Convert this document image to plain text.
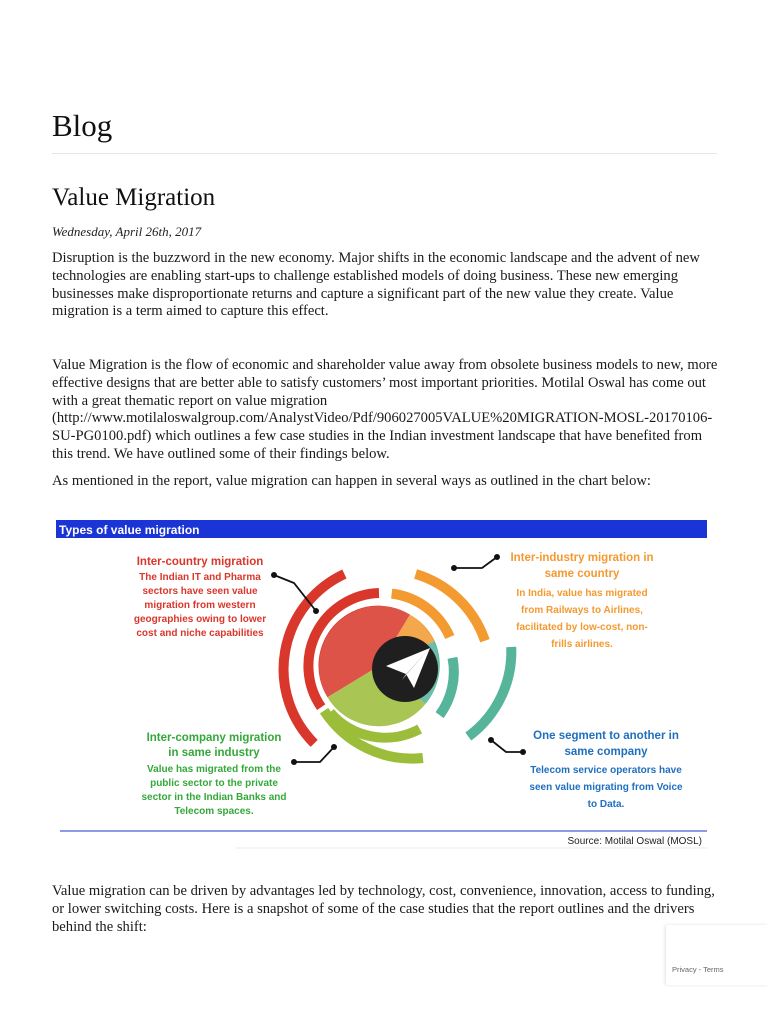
Blog
Value Migration
Wednesday, April 26th, 2017

Disruption is the buzzword in the new economy. Major shifts in the economic landscape and the advent of new technologies are enabling start-ups to challenge established models of doing business. These new emerging businesses make disproportionate returns and capture a significant part of the new value they create. Value migration is a term aimed to capture this effect.

Value Migration is the flow of economic and shareholder value away from obsolete business models to new, more effective designs that are better able to satisfy customers’ most important priorities. Motilal Oswal has come out with a great thematic report on value migration (http://www.motilaloswalgroup.com/AnalystVideo/Pdf/906027005VALUE%20MIGRATION-MOSL-20170106-SU-PG0100.pdf) which outlines a few case studies in the Indian investment landscape that have benefited from this trend. We have outlined some of their findings below.

As mentioned in the report, value migration can happen in several ways as outlined in the chart below:

Types of value migration
Inter-country migration
The Indian IT and Pharma
sectors have seen value
migration from western
geographies owing to lower
cost and niche capabilities
Inter-industry migration in
same country
In India, value has migrated
from Railways to Airlines,
facilitated by low-cost, non-
frills airlines.
One segment to another in
same company
Telecom service operators have
seen value migrating from Voice
to Data.
Inter-company migration
in same industry
Value has migrated from the
public sector to the private
sector in the Indian Banks and
Telecom spaces.
Source: Motilal Oswal (MOSL)

Value migration can be driven by advantages led by technology, cost, convenience, innovation, access to funding, or lower switching costs. Here is a snapshot of some of the case studies that the report outlines and the drivers behind the shift:

Privacy - Terms
